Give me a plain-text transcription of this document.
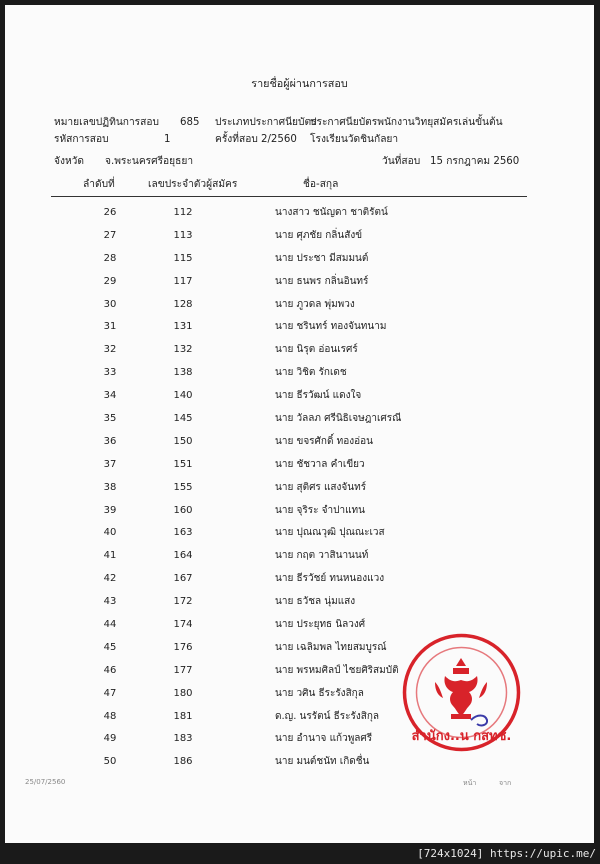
รายชื่อผู้ผ่านการสอบ
หมายเลขปฏิทินการสอบ 685 ประเภทประกาศนียบัตร
ประกาศนียบัตรพนักงานวิทยุสมัครเล่นขั้นต้น
รหัสการสอบ	1	ครั้งที่สอบ 2/2560 โรงเรียนวัดชินกัลยา
จังหวัด จ.พระนครศรีอยุธยา	วันที่สอบ 15 กรกฎาคม 2560
ลำดับที่	เลขประจำตัวผู้สมัคร	ชื่อ-สกุล
26	112	นางสาว ชนัญดา ชาติรัตน์
27	113	นาย ศุภชัย กลิ่นสังข์
28	115	นาย ประชา มีสมมนต์
29	117	นาย ธนพร กลิ่นอินทร์
30	128	นาย ภูวดล พุ่มพวง
31	131	นาย ชรินทร์ ทองจันทนาม
32	132	นาย นิรุต อ่อนเรศร์
33	138	นาย วิชิต รักเดช
34	140	นาย ธีรวัฒน์ แดงใจ
35	145	นาย วัลลภ ศรีนิธิเจษฎาเศรณี
36	150	นาย ขจรศักดิ์ ทองอ่อน
37	151	นาย ชัชวาล คำเขียว
38	155	นาย สุติศร แสงจันทร์
39	160	นาย จุริระ จำปาแทน
40	163	นาย ปุณณวุฒิ ปุณณะเวส
41	164	นาย กฤต วาสินานนท์
42	167	นาย ธีรวัชย์ ทนหนองแวง
43	172	นาย ธวัชล นุ่มแสง
44	174	นาย ประยุทธ นิลวงศ์
45	176	นาย เฉลิมพล ไทยสมบูรณ์
46	177	นาย พรหมศิลป์ ไชยศิริสมบัติ
47	180	นาย วศิน ธีระรังสิกุล
48	181	ด.ญ. นรรัตน์ ธีระรังสิกุล
49	183	นาย อำนาจ แก้วพูลศรี
50	186	นาย มนต์ชนัท เกิดชื่น
สำนักง..น กสทช.
25/07/2560	หน้า	จาก
[724x1024] https://upic.me/
